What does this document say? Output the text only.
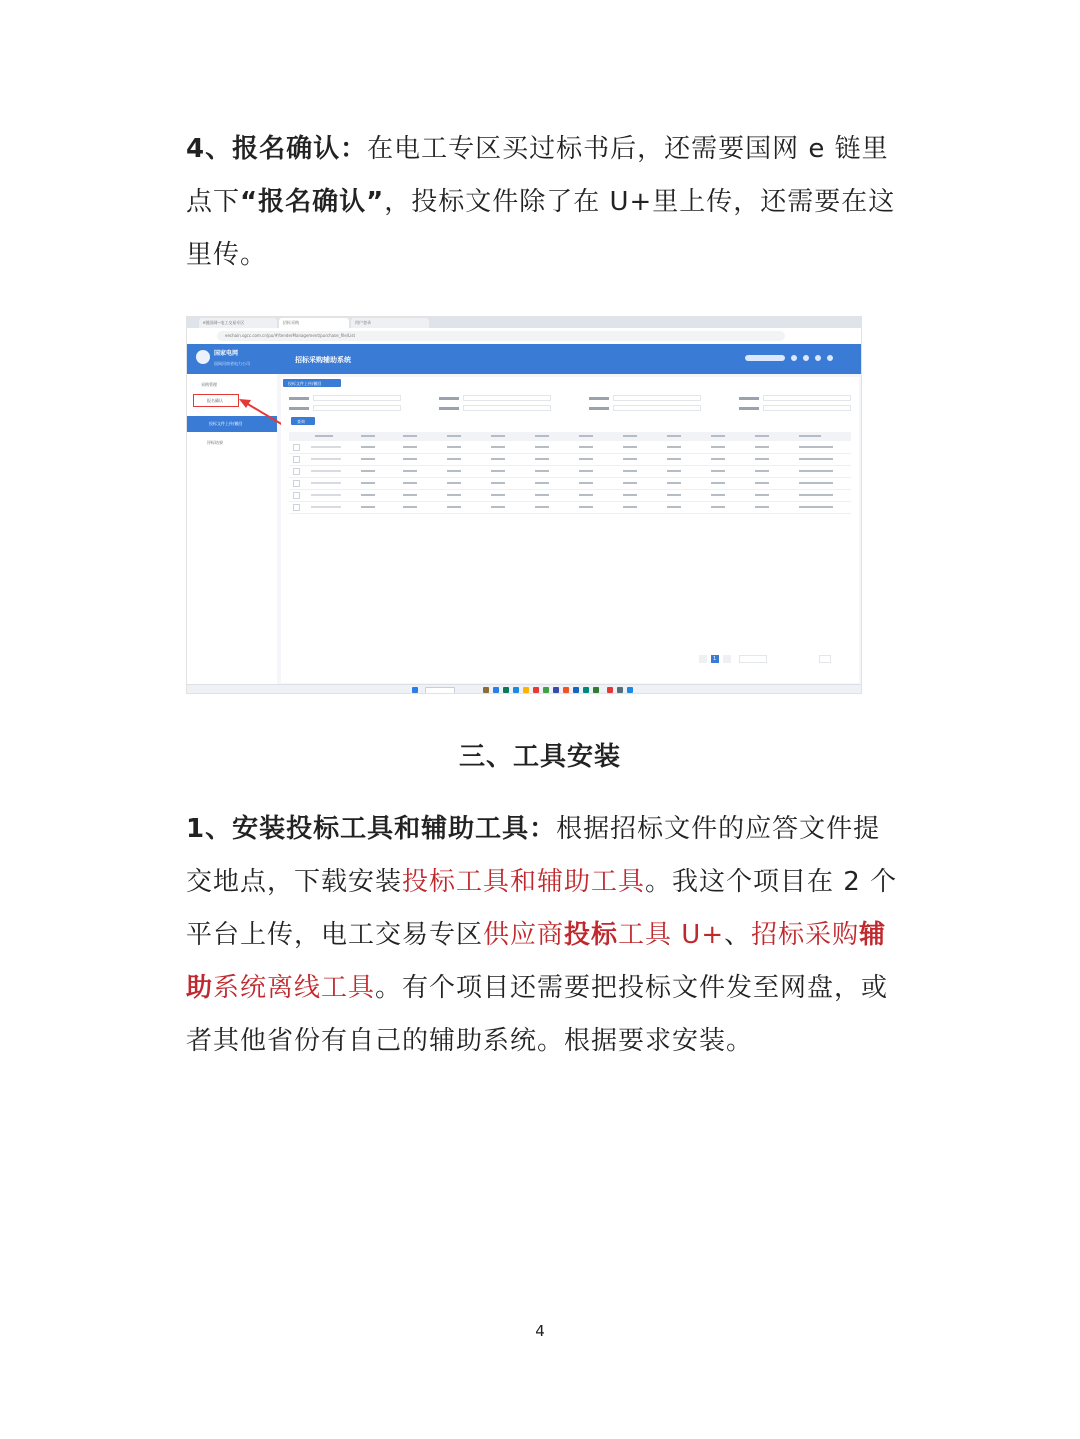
4、报名确认：在电工专区买过标书后，还需要国网 e 链里点下“报名确认”，投标文件除了在 U+里上传，还需要在这里传。
e链国网--电工交易专区	招标采购	用户登录
eechain.sgcc.com.cn/pu/#/tenderManagement/purchase_file/List
国家电网
国网河南省电力公司	招标采购辅助系统

采购管理
报名确认
投标文件上传/撤回
评标结果
投标文件上传/撤回
查询
1
三、工具安装
1、安装投标工具和辅助工具：根据招标文件的应答文件提交地点，下载安装投标工具和辅助工具。我这个项目在 2 个平台上传，电工交易专区供应商投标工具 U+、招标采购辅助系统离线工具。有个项目还需要把投标文件发至网盘，或者其他省份有自己的辅助系统。根据要求安装。
4
